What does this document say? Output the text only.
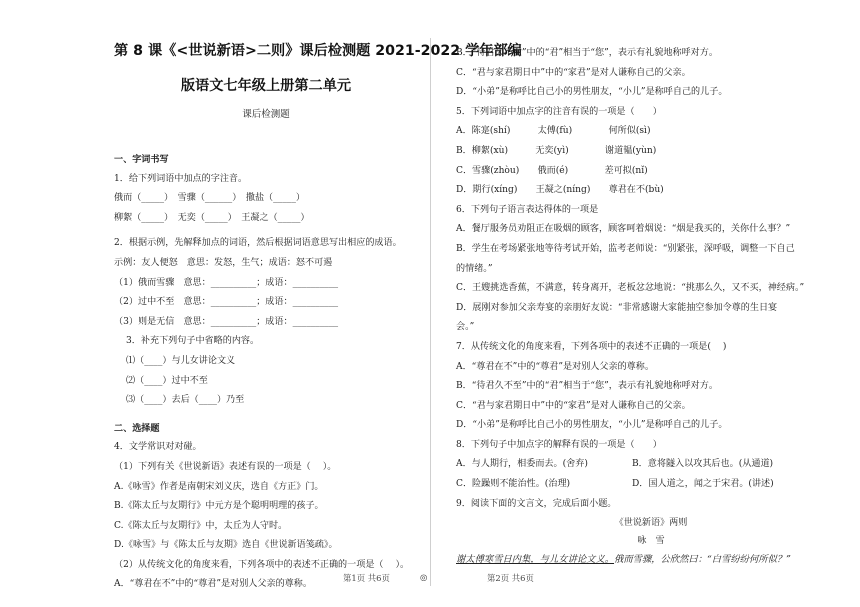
第 8 课《<世说新语>二则》课后检测题 2021-2022 学年部编
版语文七年级上册第二单元
课后检测题
一、字词书写
1．给下列词语中加点的字注音。
俄而（_____）　雪骤（______）　撒盐（_____）
柳絮（_____）　无奕（_____）　王凝之（_____）
2．根据示例，先解释加点的词语，然后根据词语意思写出相应的成语。
示例：友人便怒　意思：发怒，生气；成语：怒不可遏
（1）俄而雪骤　意思：__________；成语：__________
（2）过中不至　意思：__________；成语：__________
（3）则是无信　意思：__________；成语：__________
3．补充下列句子中省略的内容。
⑴（____）与儿女讲论文义
⑵（____）过中不至
⑶（____）去后（____）乃至
二、选择题
4．文学常识对对碰。
（1）下列有关《世说新语》表述有误的一项是（　 ）。
A.《咏雪》作者是南朝宋刘义庆，选自《方正》门。
B.《陈太丘与友期行》中元方是个聪明明理的孩子。
C.《陈太丘与友期行》中，太丘为人守时。
D.《咏雪》与《陈太丘与友期》选自《世说新语笺疏》。
（2）从传统文化的角度来看，下列各项中的表述不正确的一项是（　 ）。
A．“尊君在不”中的“尊君”是对别人父亲的尊称。
B．“待君久不至”中的“君”相当于“您”，表示有礼貌地称呼对方。
C．“君与家君期日中”中的“家君”是对人谦称自己的父亲。
D．“小弟”是称呼比自己小的男性朋友，“小儿”是称呼自己的儿子。
5．下列词语中加点字的注音有误的一项是（　　）
A．陈寔(shí)　　　太傅(fù)　　　　何所似(sì)
B．柳絮(xù)　　　无奕(yì)　　　　谢道韫(yùn)
C．雪骤(zhòu)　　俄而(é)　　　　差可拟(nǐ)
D．期行(xíng)　　王凝之(níng)　　尊君在不(bù)
6．下列句子语言表达得体的一项是
A．餐厅服务员劝阻正在吸烟的顾客，顾客呵着烟说：“烟是我买的，关你什么事？”
B．学生在考场紧张地等待考试开始，监考老师说：“别紧张，深呼吸，调整一下自己
的情绪。”
C．王嫂挑选香蕉，不满意，转身离开，老板忿忿地说：“挑那么久，又不买，神经病。”
D．展刚对参加父亲寿宴的亲朋好友说：“非常感谢大家能抽空参加令尊的生日宴
会。”
7．从传统文化的角度来看，下列各项中的表述不正确的一项是(　 )
A．“尊君在不”中的“尊君”是对别人父亲的尊称。
B．“待君久不至”中的“君”相当于“您”，表示有礼貌地称呼对方。
C．“君与家君期日中”中的“家君”是对人谦称自己的父亲。
D．“小弟”是称呼比自己小的男性朋友，“小儿”是称呼自己的儿子。
8．下列句子中加点字的解释有误的一项是（　　）
A．与人期行，相委而去。(舍弃)	B．意将隧入以攻其后也。(从通道)
C．险躁则不能治性。(治理)	D．国人道之，闻之于宋君。(讲述)
9．阅读下面的文言文，完成后面小题。
《世说新语》两则
咏　雪
谢太傅寒雪日内集，与儿女讲论文义。俄而雪骤，公欣然曰：“白雪纷纷何所似？”
第1页 共6页	◎	第2页 共6页
